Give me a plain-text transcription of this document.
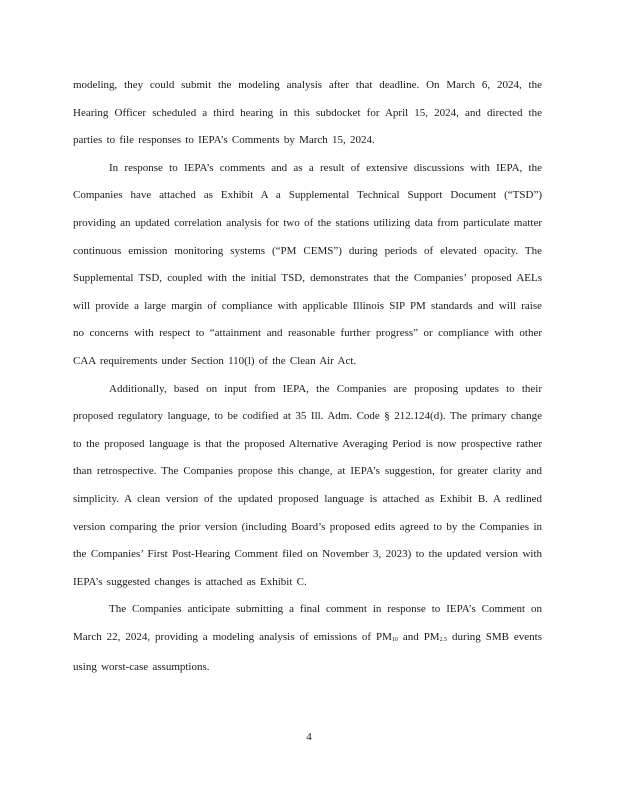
modeling, they could submit the modeling analysis after that deadline. On March 6, 2024, the Hearing Officer scheduled a third hearing in this subdocket for April 15, 2024, and directed the parties to file responses to IEPA’s Comments by March 15, 2024.

In response to IEPA’s comments and as a result of extensive discussions with IEPA, the Companies have attached as Exhibit A a Supplemental Technical Support Document (“TSD”) providing an updated correlation analysis for two of the stations utilizing data from particulate matter continuous emission monitoring systems (“PM CEMS”) during periods of elevated opacity. The Supplemental TSD, coupled with the initial TSD, demonstrates that the Companies’ proposed AELs will provide a large margin of compliance with applicable Illinois SIP PM standards and will raise no concerns with respect to “attainment and reasonable further progress” or compliance with other CAA requirements under Section 110(l) of the Clean Air Act.

Additionally, based on input from IEPA, the Companies are proposing updates to their proposed regulatory language, to be codified at 35 Ill. Adm. Code § 212.124(d). The primary change to the proposed language is that the proposed Alternative Averaging Period is now prospective rather than retrospective. The Companies propose this change, at IEPA’s suggestion, for greater clarity and simplicity. A clean version of the updated proposed language is attached as Exhibit B. A redlined version comparing the prior version (including Board’s proposed edits agreed to by the Companies in the Companies’ First Post-Hearing Comment filed on November 3, 2023) to the updated version with IEPA’s suggested changes is attached as Exhibit C.

The Companies anticipate submitting a final comment in response to IEPA’s Comment on March 22, 2024, providing a modeling analysis of emissions of $PM_{10}$ and $PM_{2.5}$ during SMB events using worst-case assumptions.

4
